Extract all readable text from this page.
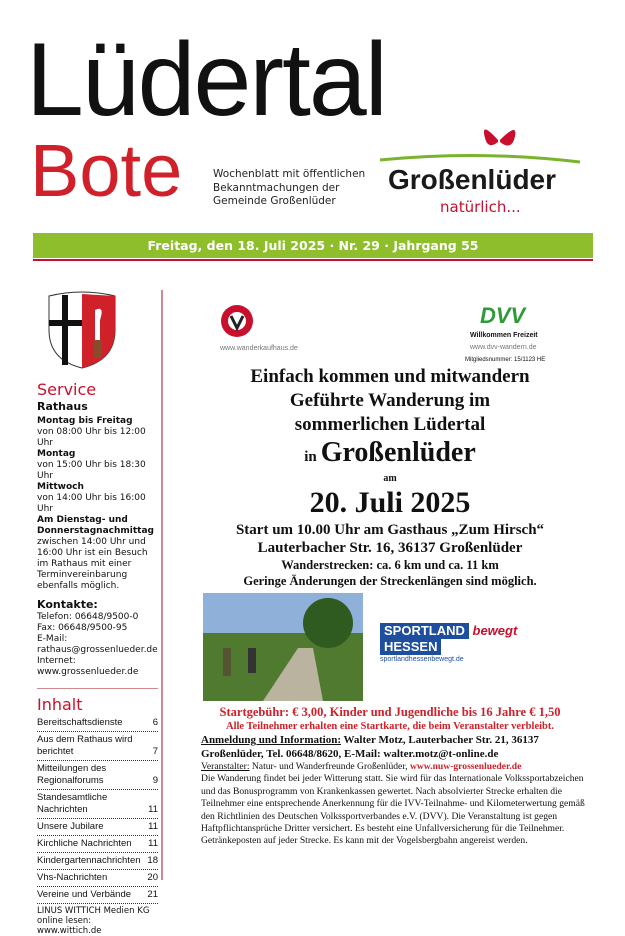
Lüdertal
Bote	Wochenblatt mit öffentlichen Bekanntmachungen der Gemeinde Großenlüder
Großenlüder
natürlich...
Freitag, den 18. Juli 2025 · Nr. 29 · Jahrgang 55
Service
Rathaus
Montag bis Freitag
von 08:00 Uhr bis 12:00 Uhr
Montag
von 15:00 Uhr bis 18:30 Uhr
Mittwoch
von 14:00 Uhr bis 16:00 Uhr
Am Dienstag- und Donnerstagnachmittag
zwischen 14:00 Uhr und 16:00 Uhr ist ein Besuch im Rathaus mit einer Terminvereinbarung ebenfalls möglich.
Kontakte:
Telefon: 06648/9500-0
Fax: 06648/9500-95
E-Mail:
rathaus@grossenlueder.de
Internet:
www.grossenlueder.de
Inhalt
Bereitschaftsdienste	6
Aus dem Rathaus wird berichtet	7
Mitteilungen des Regionalforums	9
Standesamtliche Nachrichten	11
Unsere Jubilare	11
Kirchliche Nachrichten	11
Kindergartennachrichten 18
Vhs-Nachrichten	20
Vereine und Verbände	21
LINUS WITTICH Medien KG
online lesen: www.wittich.de
www.wanderkaufhaus.de
DVV
Willkommen Freizeit
www.dvv-wandern.de
Mitgliedsnummer: 15/1123 HE
Einfach kommen und mitwandern
Geführte Wanderung im
sommerlichen Lüdertal
in Großenlüder
am
20. Juli 2025
Start um 10.00 Uhr am Gasthaus „Zum Hirsch“
Lauterbacher Str. 16, 36137 Großenlüder
Wanderstrecken: ca. 6 km und ca. 11 km
Geringe Änderungen der Streckenlängen sind möglich.
SPORTLAND bewegt
HESSEN
sportlandhessenbewegt.de
Startgebühr: € 3,00, Kinder und Jugendliche bis 16 Jahre € 1,50
Alle Teilnehmer erhalten eine Startkarte, die beim Veranstalter verbleibt.

Anmeldung und Information: Walter Motz, Lauterbacher Str. 21, 36137 Großenlüder, Tel. 06648/8620, E-Mail: walter.motz@t-online.de

Veranstalter: Natur- und Wanderfreunde Großenlüder, www.nuw-grossenlueder.de

Die Wanderung findet bei jeder Witterung statt. Sie wird für das Internationale Volkssportabzeichen und das Bonusprogramm von Krankenkassen gewertet. Nach absolvierter Strecke erhalten die Teilnehmer eine entsprechende Anerkennung für die IVV-Teilnahme- und Kilometerwertung gemäß den Richtlinien des Deutschen Volkssportverbandes e.V. (DVV). Die Veranstaltung ist gegen Haftpflichtansprüche Dritter versichert. Es besteht eine Unfallversicherung für die Teilnehmer. Getränkeposten auf jeder Strecke. Es kann mit der Vogelsbergbahn angereist werden.
